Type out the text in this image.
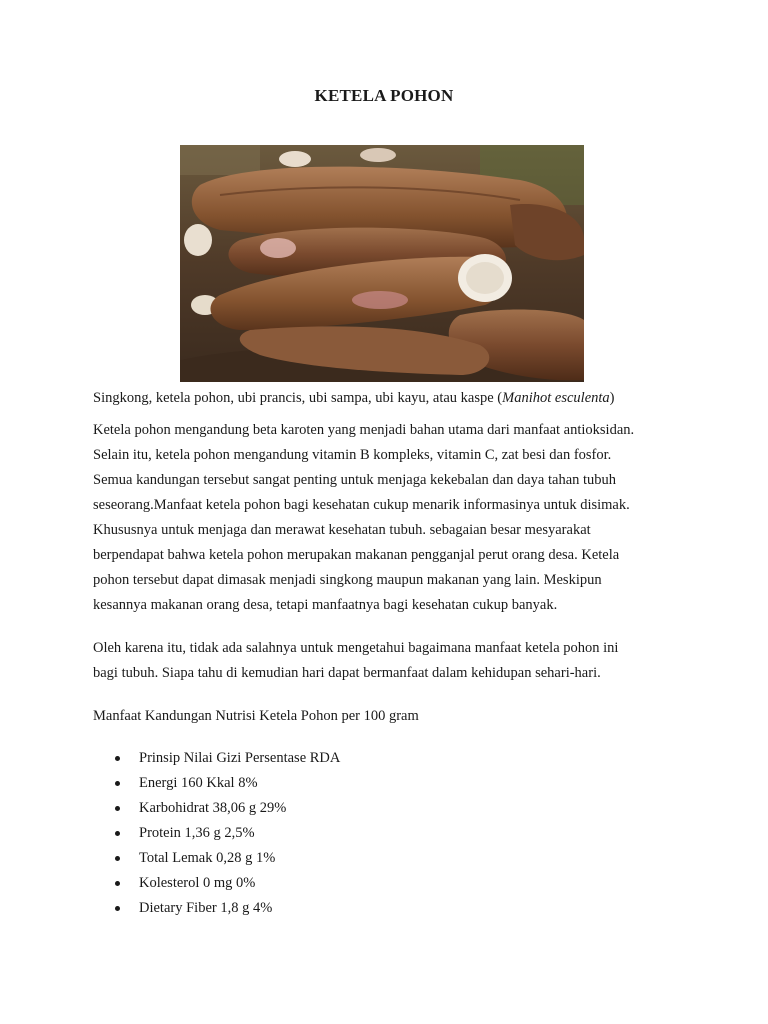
KETELA POHON
Singkong, ketela pohon, ubi prancis, ubi sampa, ubi kayu, atau kaspe (Manihot esculenta)
Ketela pohon mengandung beta karoten yang menjadi bahan utama dari manfaat antioksidan.
Selain itu, ketela pohon mengandung vitamin B kompleks, vitamin C, zat besi dan fosfor.
Semua kandungan tersebut sangat penting untuk menjaga kekebalan dan daya tahan tubuh
seseorang.Manfaat ketela pohon bagi kesehatan cukup menarik informasinya untuk disimak.
Khususnya untuk menjaga dan merawat kesehatan tubuh. sebagaian besar mesyarakat
berpendapat bahwa ketela pohon merupakan makanan pengganjal perut orang desa. Ketela
pohon tersebut dapat dimasak menjadi singkong maupun makanan yang lain. Meskipun
kesannya makanan orang desa, tetapi manfaatnya bagi kesehatan cukup banyak.
Oleh karena itu, tidak ada salahnya untuk mengetahui bagaimana manfaat ketela pohon ini
bagi tubuh. Siapa tahu di kemudian hari dapat bermanfaat dalam kehidupan sehari-hari.
Manfaat Kandungan Nutrisi Ketela Pohon per 100 gram
Prinsip Nilai Gizi Persentase RDA
Energi 160 Kkal 8%
Karbohidrat 38,06 g 29%
Protein 1,36 g 2,5%
Total Lemak 0,28 g 1%
Kolesterol 0 mg 0%
Dietary Fiber 1,8 g 4%
